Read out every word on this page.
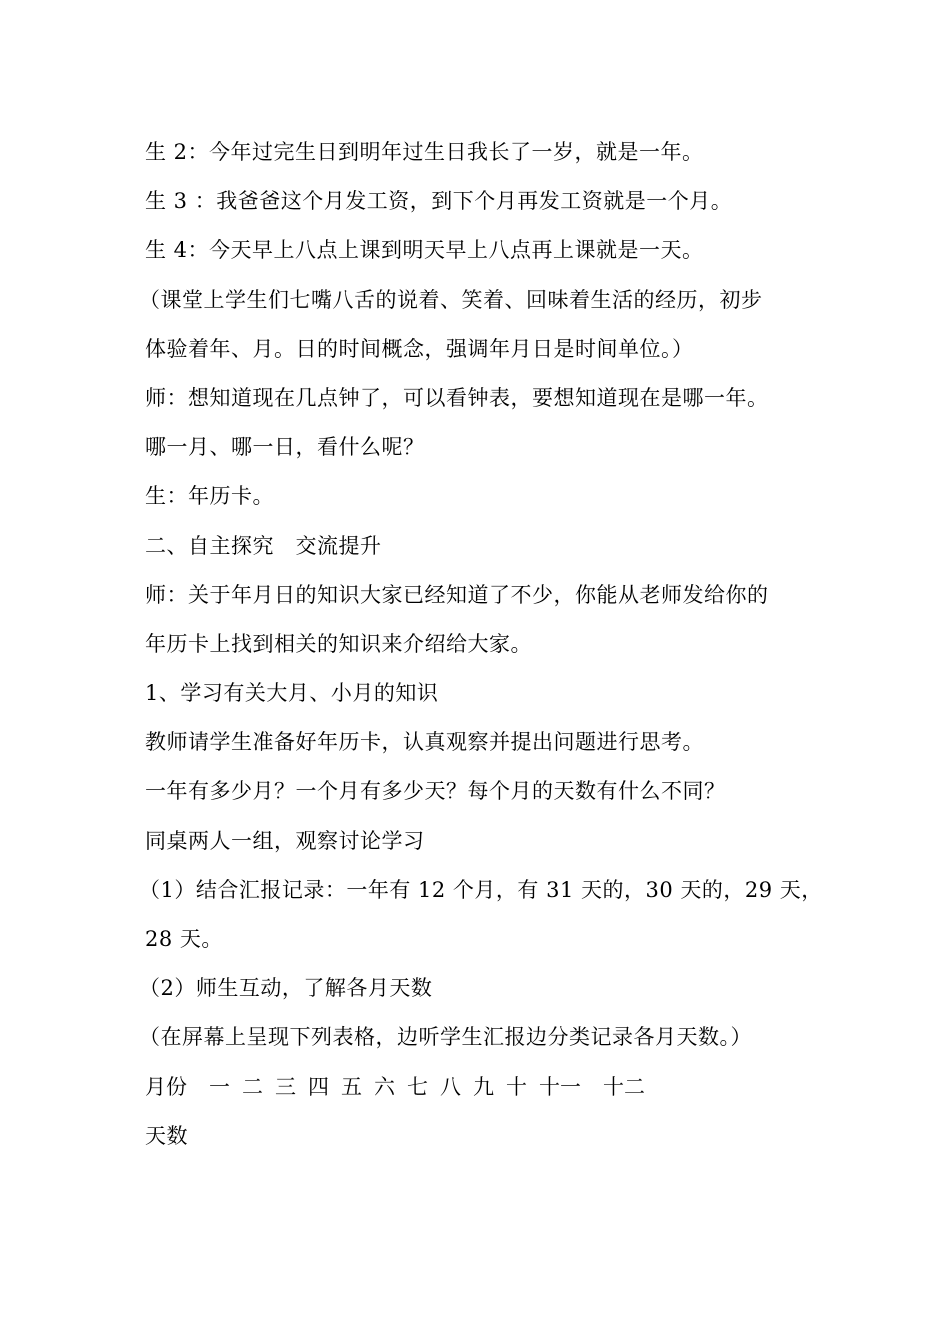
生 2：今年过完生日到明年过生日我长了一岁，就是一年。
生 3 ：我爸爸这个月发工资，到下个月再发工资就是一个月。
生 4：今天早上八点上课到明天早上八点再上课就是一天。
（课堂上学生们七嘴八舌的说着、笑着、回味着生活的经历，初步
体验着年、月。日的时间概念，强调年月日是时间单位。）
师：想知道现在几点钟了，可以看钟表，要想知道现在是哪一年。
哪一月、哪一日，看什么呢？
生：年历卡。
二、自主探究　交流提升
师：关于年月日的知识大家已经知道了不少，你能从老师发给你的
年历卡上找到相关的知识来介绍给大家。
1、学习有关大月、小月的知识
教师请学生准备好年历卡，认真观察并提出问题进行思考。
一年有多少月？一个月有多少天？每个月的天数有什么不同？
同桌两人一组，观察讨论学习
（1）结合汇报记录：一年有 12 个月，有 31 天的，30 天的，29 天，
28 天。
（2）师生互动，了解各月天数
（在屏幕上呈现下列表格，边听学生汇报边分类记录各月天数。）
月份 一 二 三 四 五 六 七 八 九 十 十一 十二
天数
